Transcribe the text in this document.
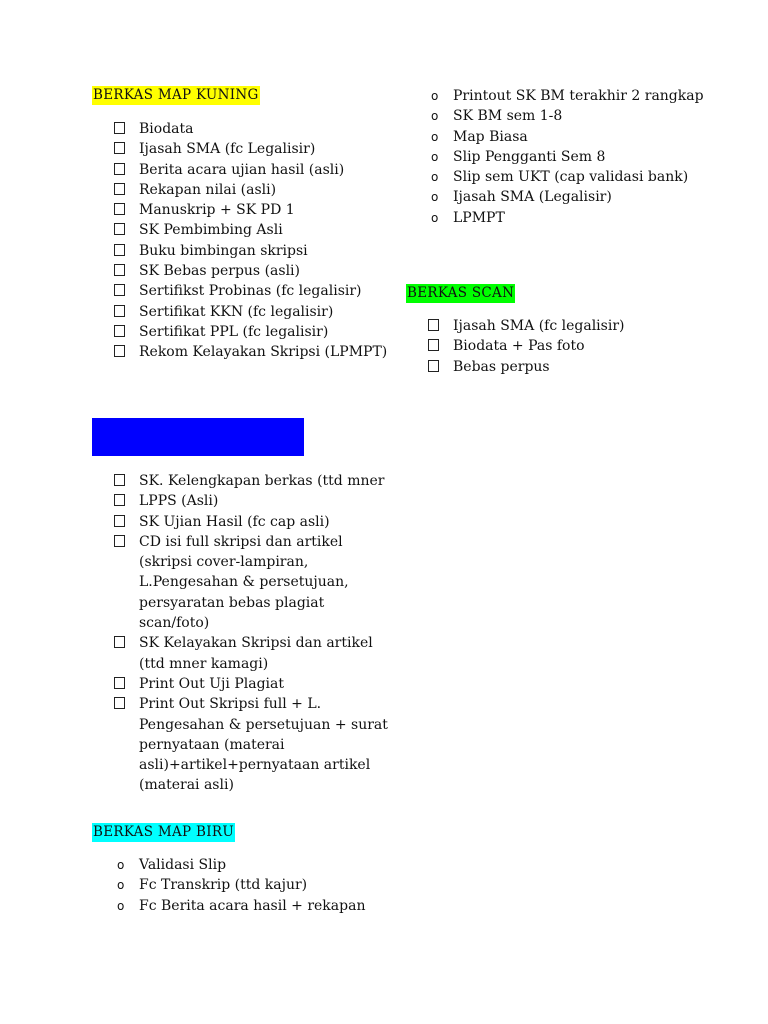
BERKAS MAP KUNING
Biodata
Ijasah SMA (fc Legalisir)
Berita acara ujian hasil (asli)
Rekapan nilai (asli)
Manuskrip + SK PD 1
SK Pembimbing Asli
Buku bimbingan skripsi
SK Bebas perpus (asli)
Sertifikst Probinas (fc legalisir)
Sertifikat KKN (fc legalisir)
Sertifikat PPL (fc legalisir)
Rekom Kelayakan Skripsi (LPMPT)
BERKAS LPMPT (MAP BIRU DIAMOND)
SK. Kelengkapan berkas (ttd mner
LPPS (Asli)
SK Ujian Hasil (fc cap asli)
CD isi full skripsi dan artikel (skripsi cover-lampiran, L.Pengesahan & persetujuan, persyaratan bebas plagiat scan/foto)
SK Kelayakan Skripsi dan artikel (ttd mner kamagi)
Print Out Uji Plagiat
Print Out Skripsi full + L. Pengesahan & persetujuan + surat pernyataan (materai asli)+artikel+pernyataan artikel (materai asli)
BERKAS MAP BIRU
o	Validasi Slip
o	Fc Transkrip (ttd kajur)
o	Fc Berita acara hasil + rekapan
o	Printout SK BM terakhir 2 rangkap
o	SK BM sem 1-8
o	Map Biasa
o	Slip Pengganti Sem 8
o	Slip sem UKT (cap validasi bank)
o	Ijasah SMA (Legalisir)
o	LPMPT
BERKAS SCAN
Ijasah SMA (fc legalisir)
Biodata + Pas foto
Bebas perpus
